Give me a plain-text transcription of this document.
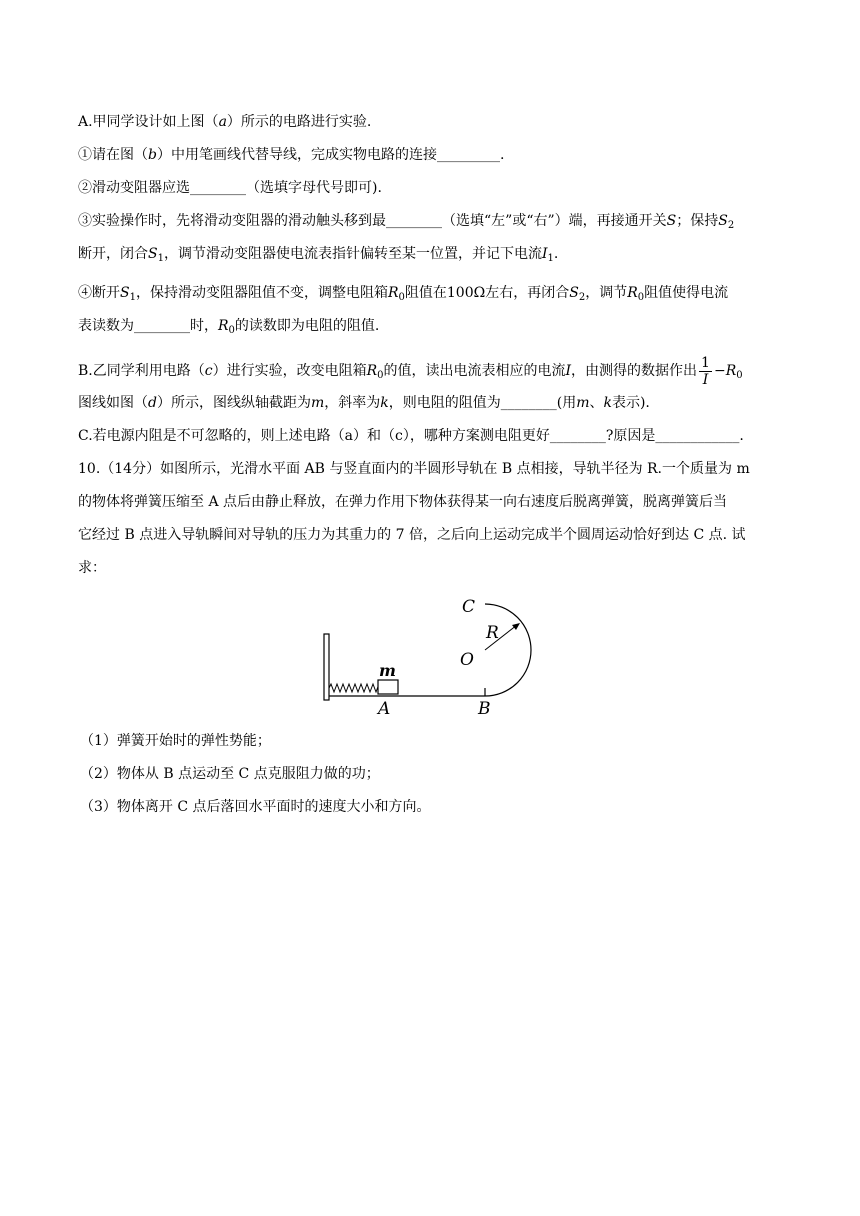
A.甲同学设计如上图（a）所示的电路进行实验.
①请在图（b）中用笔画线代替导线，完成实物电路的连接_________.
②滑动变阻器应选________（选填字母代号即可).
③实验操作时，先将滑动变阻器的滑动触头移到最________（选填“左”或“右”）端，再接通开关S；保持$S_2$
断开，闭合$S_1$，调节滑动变阻器使电流表指针偏转至某一位置，并记下电流$I_1$.
④断开$S_1$，保持滑动变阻器阻值不变，调整电阻箱$R_0$阻值在100Ω左右，再闭合$S_2$，调节$R_0$阻值使得电流
表读数为________时，$R_0$的读数即为电阻的阻值.
B.乙同学利用电路（c）进行实验，改变电阻箱$R_0$的值，读出电流表相应的电流I，由测得的数据作出 $\frac{1}{I} -R_0$
图线如图（d）所示，图线纵轴截距为m，斜率为k，则电阻的阻值为________(用m、k表示).
C.若电源内阻是不可忽略的，则上述电路（a）和（c），哪种方案测电阻更好________?原因是____________.
10.（14分）如图所示，光滑水平面 AB 与竖直面内的半圆形导轨在 B 点相接，导轨半径为 R.一个质量为 m
的物体将弹簧压缩至 A 点后由静止释放，在弹力作用下物体获得某一向右速度后脱离弹簧，脱离弹簧后当
它经过 B 点进入导轨瞬间对导轨的压力为其重力的 7 倍，之后向上运动完成半个圆周运动恰好到达 C 点. 试
求：
C
R
O
m
A	B
（1）弹簧开始时的弹性势能；
（2）物体从 B 点运动至 C 点克服阻力做的功；
（3）物体离开 C 点后落回水平面时的速度大小和方向。
